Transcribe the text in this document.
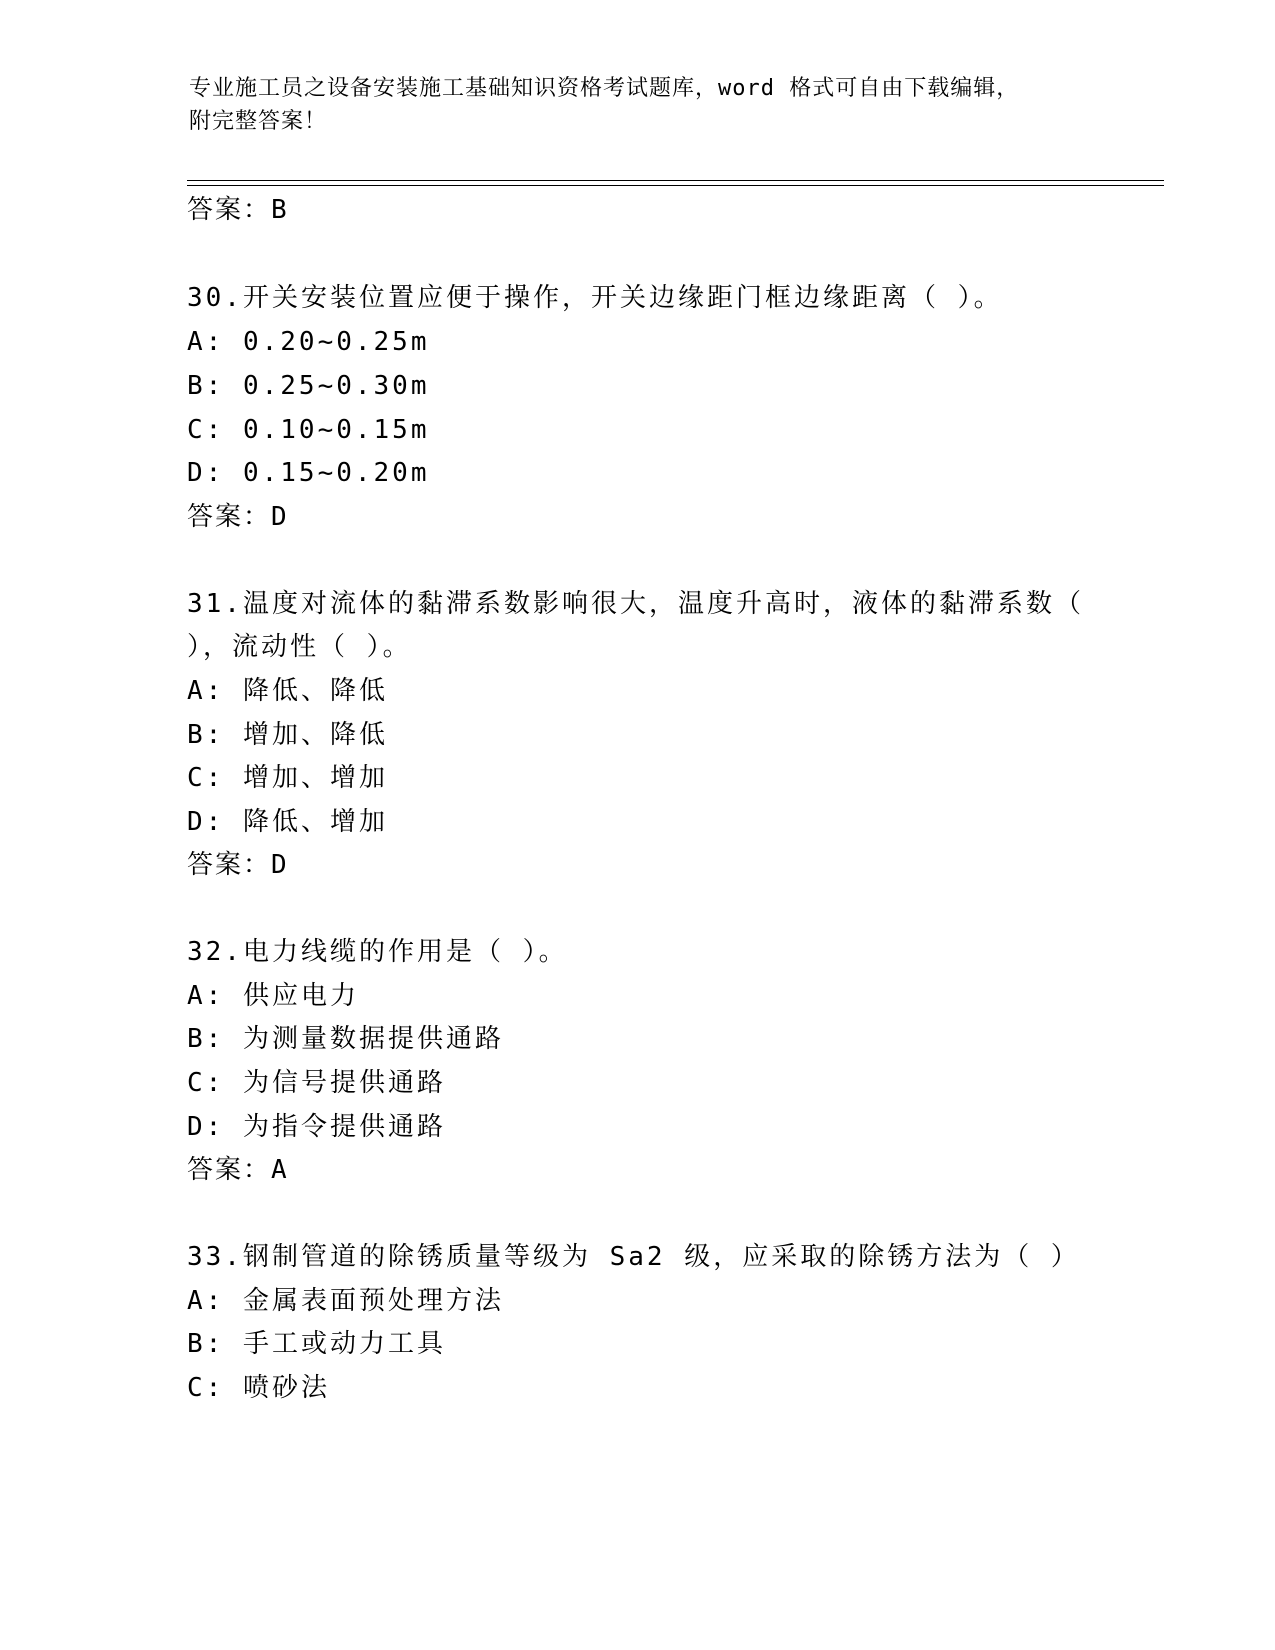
专业施工员之设备安装施工基础知识资格考试题库，word 格式可自由下载编辑，
附完整答案！
答案：B
30.开关安装位置应便于操作，开关边缘距门框边缘距离（ ）。
A: 0.20~0.25m
B: 0.25~0.30m
C: 0.10~0.15m
D: 0.15~0.20m
答案：D
31.温度对流体的黏滞系数影响很大，温度升高时，液体的黏滞系数（
），流动性（ ）。
A: 降低、降低
B: 增加、降低
C: 增加、增加
D: 降低、增加
答案：D
32.电力线缆的作用是（ ）。
A: 供应电力
B: 为测量数据提供通路
C: 为信号提供通路
D: 为指令提供通路
答案：A
33.钢制管道的除锈质量等级为 Sa2 级，应采取的除锈方法为（ ）
A: 金属表面预处理方法
B: 手工或动力工具
C: 喷砂法
